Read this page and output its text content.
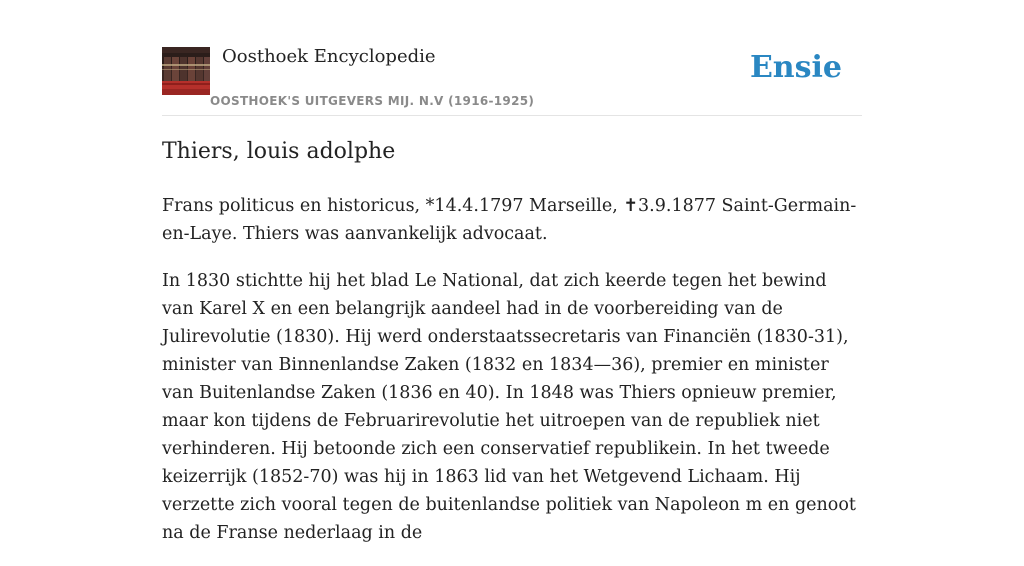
Oosthoek Encyclopedie
OOSTHOEK'S UITGEVERS MIJ. N.V (1916-1925)
Ensie
Thiers, louis adolphe

Frans politicus en historicus, *14.4.1797 Marseille, ✝3.9.1877 Saint-Germain-en-Laye. Thiers was aanvankelijk advocaat.

In 1830 stichtte hij het blad Le National, dat zich keerde tegen het bewind van Karel X en een belangrijk aandeel had in de voorbereiding van de Julirevolutie (1830). Hij werd onderstaatssecretaris van Financiën (1830-31), minister van Binnenlandse Zaken (1832 en 1834—36), premier en minister van Buitenlandse Zaken (1836 en 40). In 1848 was Thiers opnieuw premier, maar kon tijdens de Februarirevolutie het uitroepen van de republiek niet verhinderen. Hij betoonde zich een conservatief republikein. In het tweede keizerrijk (1852-70) was hij in 1863 lid van het Wetgevend Lichaam. Hij verzette zich vooral tegen de buitenlandse politiek van Napoleon m en genoot na de Franse nederlaag in de
